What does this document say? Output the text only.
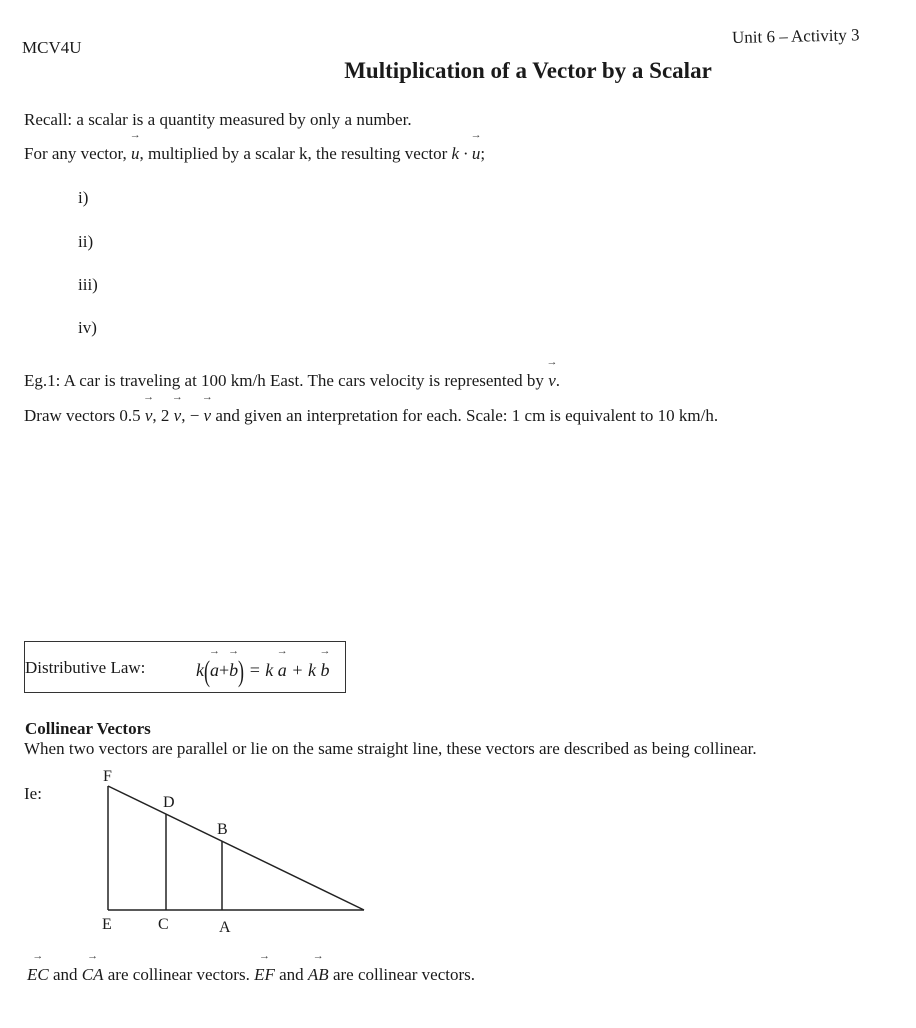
MCV4U
Unit 6 – Activity 3
Multiplication of a Vector by a Scalar
Recall: a scalar is a quantity measured by only a number.
For any vector, → u, multiplied by a scalar k, the resulting vector k · → u;
i)
ii)
iii)
iv)
Eg.1: A car is traveling at 100 km/h East. The cars velocity is represented by → v.
Draw vectors 0.5 → v, 2 → v, − → v and given an interpretation for each. Scale: 1 cm is equivalent to 10 km/h.
Distributive Law:	k(→ a+→ b) = k → a + k → b
Collinear Vectors
When two vectors are parallel or lie on the same straight line, these vectors are described as being collinear.
Ie:
F
D
B
E	C	A
→ EC and → CA are collinear vectors. → EF and → AB are collinear vectors.
